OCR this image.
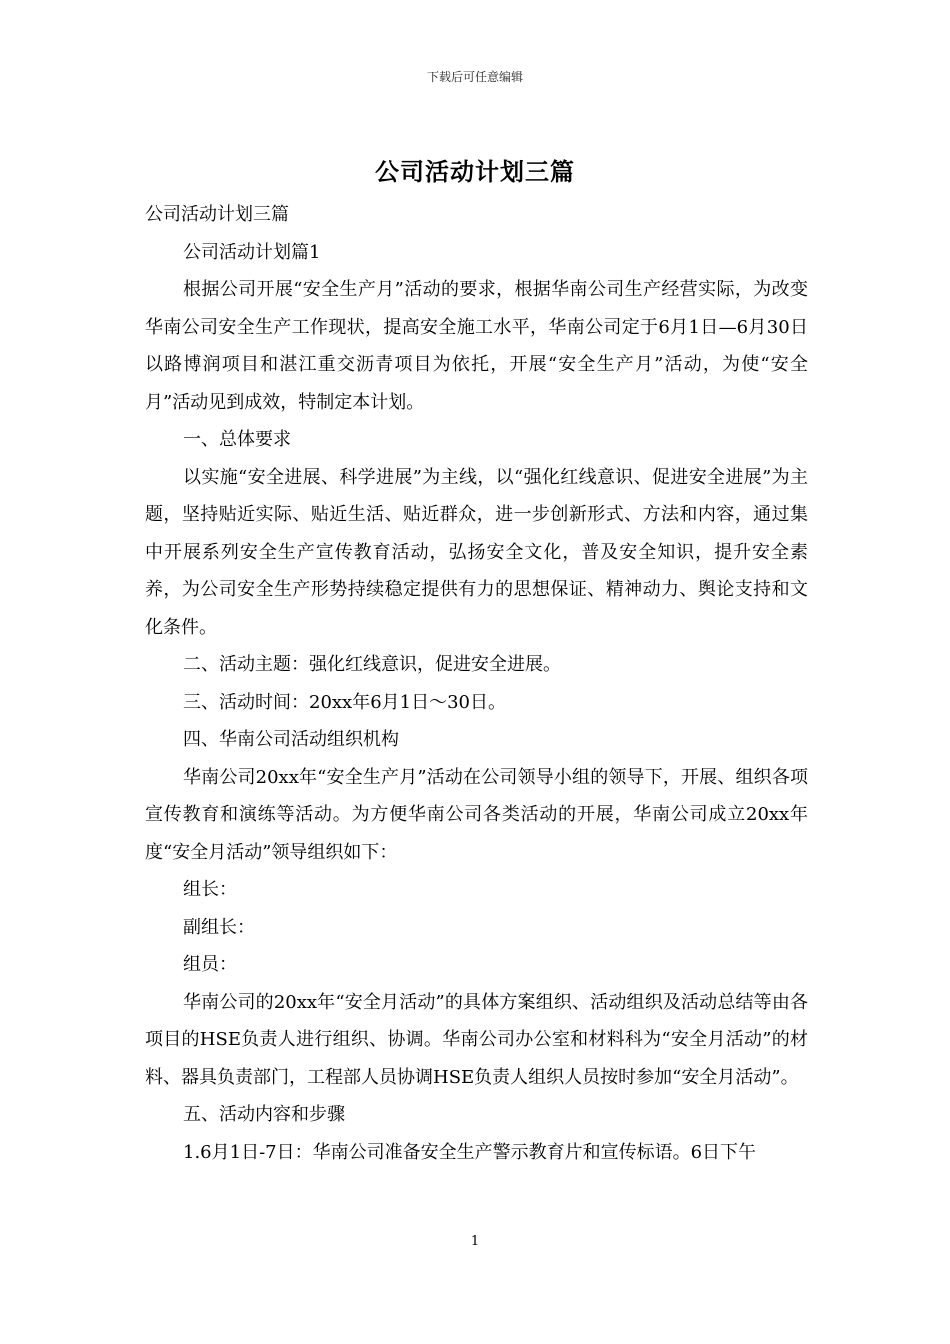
下载后可任意编辑
公司活动计划三篇

公司活动计划三篇

公司活动计划篇1

根据公司开展“安全生产月”活动的要求，根据华南公司生产经营实际，为改变华南公司安全生产工作现状，提高安全施工水平，华南公司定于6月1日—6月30日以路博润项目和湛江重交沥青项目为依托，开展“安全生产月”活动，为使“安全月”活动见到成效，特制定本计划。

一、总体要求

以实施“安全进展、科学进展”为主线，以“强化红线意识、促进安全进展”为主题，坚持贴近实际、贴近生活、贴近群众，进一步创新形式、方法和内容，通过集中开展系列安全生产宣传教育活动，弘扬安全文化，普及安全知识，提升安全素养，为公司安全生产形势持续稳定提供有力的思想保证、精神动力、舆论支持和文化条件。

二、活动主题：强化红线意识，促进安全进展。

三、活动时间：20xx年6月1日～30日。

四、华南公司活动组织机构

华南公司20xx年“安全生产月”活动在公司领导小组的领导下，开展、组织各项宣传教育和演练等活动。为方便华南公司各类活动的开展，华南公司成立20xx年度“安全月活动”领导组织如下：

组长：

副组长：

组员：

华南公司的20xx年“安全月活动”的具体方案组织、活动组织及活动总结等由各项目的HSE负责人进行组织、协调。华南公司办公室和材料科为“安全月活动”的材料、器具负责部门，工程部人员协调HSE负责人组织人员按时参加“安全月活动”。

五、活动内容和步骤

1.6月1日-7日：华南公司准备安全生产警示教育片和宣传标语。6日下午

1
